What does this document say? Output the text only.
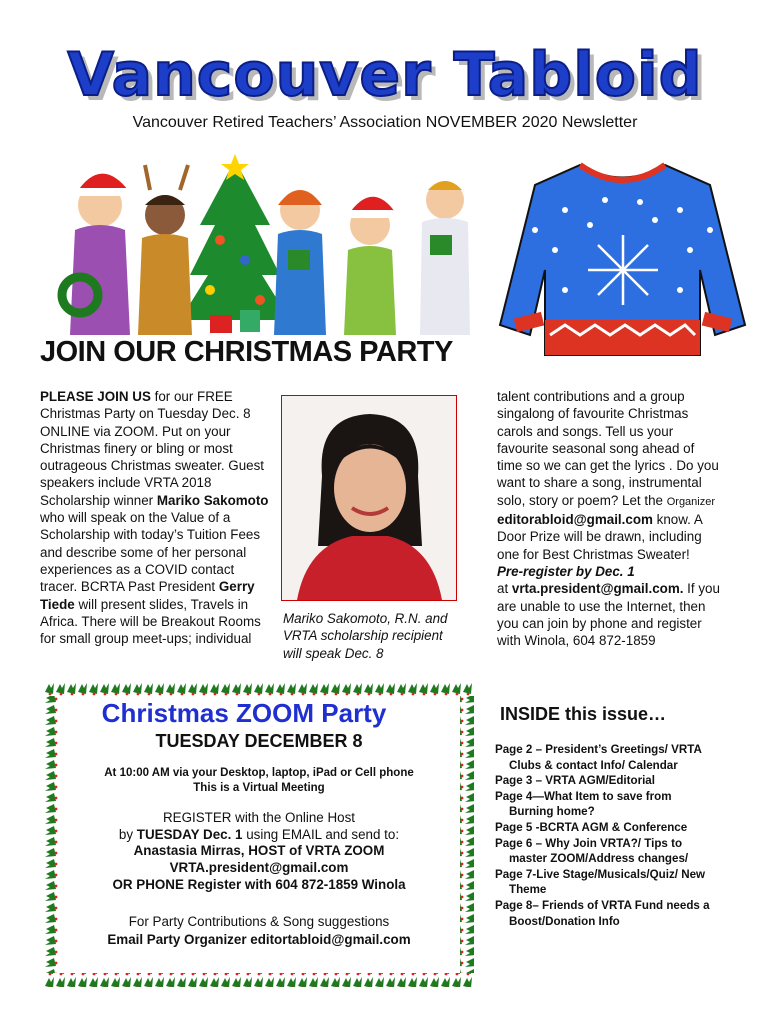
Vancouver Tabloid
Vancouver Retired Teachers’ Association NOVEMBER 2020 Newsletter
JOIN OUR CHRISTMAS PARTY
PLEASE JOIN US for our FREE Christmas Party on Tuesday Dec. 8 ONLINE via ZOOM. Put on your Christmas finery or bling or most outrageous Christmas sweater. Guest speakers include VRTA 2018 Scholarship winner Mariko Sakomoto who will speak on the Value of a Scholarship with today’s Tuition Fees and describe some of her personal experiences as a COVID contact tracer. BCRTA Past President Gerry Tiede will present slides, Travels in Africa. There will be Breakout Rooms for small group meet-ups; individual
Mariko Sakomoto, R.N. and VRTA scholarship recipient will speak Dec. 8
talent contributions and a group singalong of favourite Christmas carols and songs. Tell us your favourite seasonal song ahead of time so we can get the lyrics . Do you want to share a song, instrumental solo, story or poem? Let the Organizer editorabloid@gmail.com know. A Door Prize will be drawn, including one for Best Christmas Sweater!
Pre-register by Dec. 1
at vrta.president@gmail.com. If you are unable to use the Internet, then you can join by phone and register with Winola, 604 872-1859
Christmas ZOOM Party
TUESDAY DECEMBER 8
At 10:00 AM via your Desktop, laptop, iPad or Cell phone
This is a Virtual Meeting
REGISTER with the Online Host
by TUESDAY Dec. 1 using EMAIL and send to:
Anastasia Mirras, HOST of VRTA ZOOM
VRTA.president@gmail.com
OR PHONE Register with 604 872-1859 Winola
For Party Contributions & Song suggestions
Email Party Organizer editortabloid@gmail.com
INSIDE this issue…
Page 2 – President’s Greetings/ VRTA Clubs & contact Info/ Calendar
Page 3 – VRTA AGM/Editorial
Page 4—What Item to save from Burning home?
Page 5 -BCRTA AGM & Conference
Page 6 – Why Join VRTA?/ Tips to master ZOOM/Address changes/
Page 7-Live Stage/Musicals/Quiz/ New Theme
Page 8– Friends of VRTA Fund needs a Boost/Donation Info
